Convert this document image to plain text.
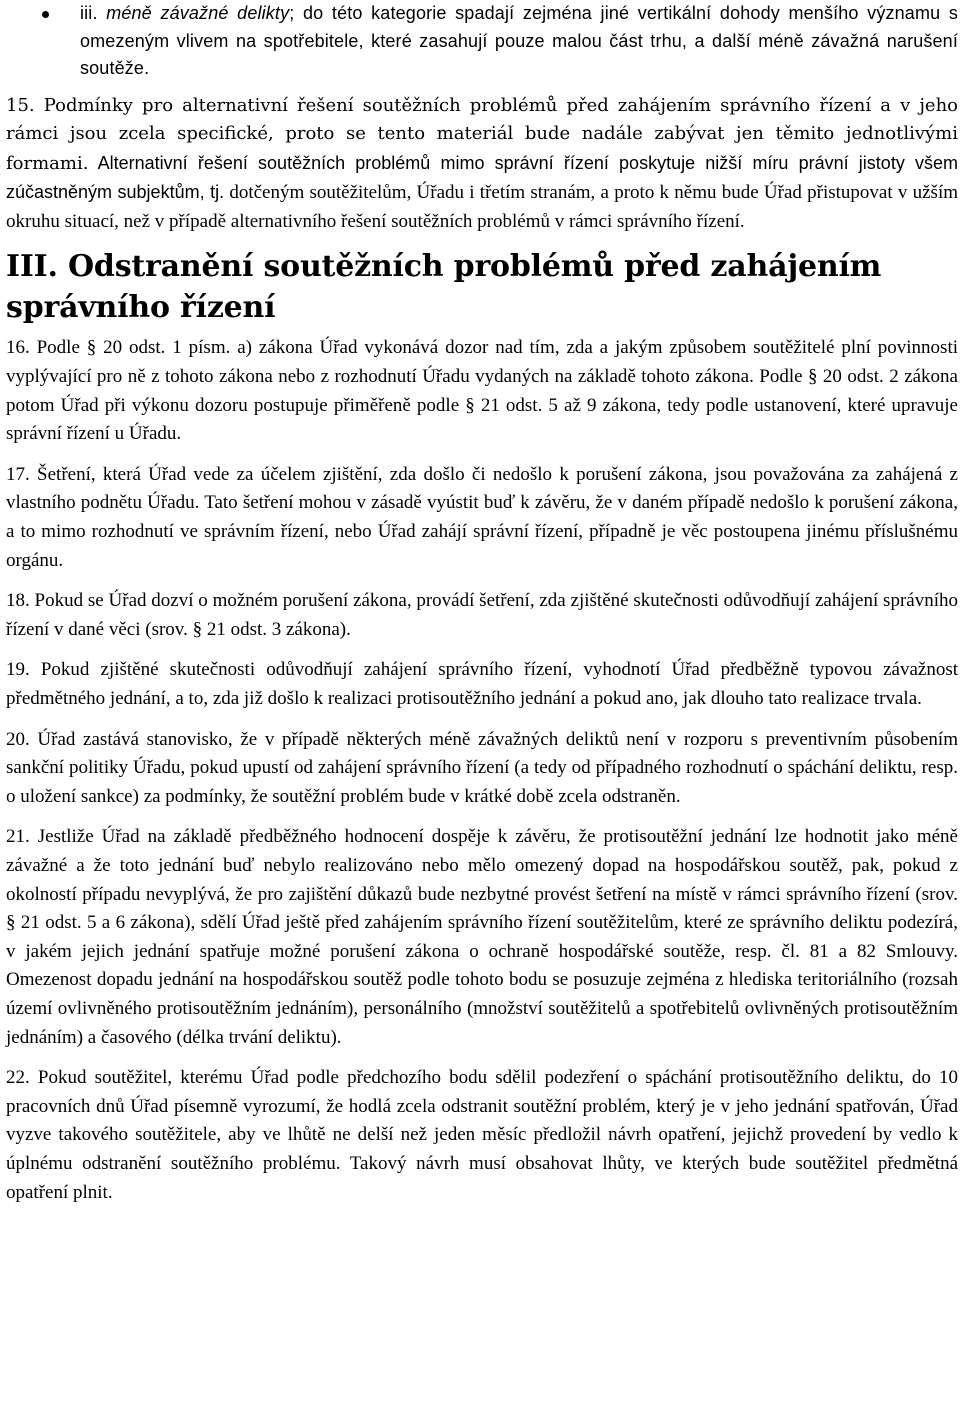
iii. méně závažné delikty; do této kategorie spadají zejména jiné vertikální dohody menšího významu s omezeným vlivem na spotřebitele, které zasahují pouze malou část trhu, a další méně závažná narušení soutěže.

15. Podmínky pro alternativní řešení soutěžních problémů před zahájením správního řízení a v jeho rámci jsou zcela specifické, proto se tento materiál bude nadále zabývat jen těmito jednotlivými formami. Alternativní řešení soutěžních problémů mimo správní řízení poskytuje nižší míru právní jistoty všem zúčastněným subjektům, tj. dotčeným soutěžitelům, Úřadu i třetím stranám, a proto k němu bude Úřad přistupovat v užším okruhu situací, než v případě alternativního řešení soutěžních problémů v rámci správního řízení.

III. Odstranění soutěžních problémů před zahájením správního řízení

16. Podle § 20 odst. 1 písm. a) zákona Úřad vykonává dozor nad tím, zda a jakým způsobem soutěžitelé plní povinnosti vyplývající pro ně z tohoto zákona nebo z rozhodnutí Úřadu vydaných na základě tohoto zákona. Podle § 20 odst. 2 zákona potom Úřad při výkonu dozoru postupuje přiměřeně podle § 21 odst. 5 až 9 zákona, tedy podle ustanovení, které upravuje správní řízení u Úřadu.

17. Šetření, která Úřad vede za účelem zjištění, zda došlo či nedošlo k porušení zákona, jsou považována za zahájená z vlastního podnětu Úřadu. Tato šetření mohou v zásadě vyústit buď k závěru, že v daném případě nedošlo k porušení zákona, a to mimo rozhodnutí ve správním řízení, nebo Úřad zahájí správní řízení, případně je věc postoupena jinému příslušnému orgánu.

18. Pokud se Úřad dozví o možném porušení zákona, provádí šetření, zda zjištěné skutečnosti odůvodňují zahájení správního řízení v dané věci (srov. § 21 odst. 3 zákona).

19. Pokud zjištěné skutečnosti odůvodňují zahájení správního řízení, vyhodnotí Úřad předběžně typovou závažnost předmětného jednání, a to, zda již došlo k realizaci protisoutěžního jednání a pokud ano, jak dlouho tato realizace trvala.

20. Úřad zastává stanovisko, že v případě některých méně závažných deliktů není v rozporu s preventivním působením sankční politiky Úřadu, pokud upustí od zahájení správního řízení (a tedy od případného rozhodnutí o spáchání deliktu, resp. o uložení sankce) za podmínky, že soutěžní problém bude v krátké době zcela odstraněn.

21. Jestliže Úřad na základě předběžného hodnocení dospěje k závěru, že protisoutěžní jednání lze hodnotit jako méně závažné a že toto jednání buď nebylo realizováno nebo mělo omezený dopad na hospodářskou soutěž, pak, pokud z okolností případu nevyplývá, že pro zajištění důkazů bude nezbytné provést šetření na místě v rámci správního řízení (srov. § 21 odst. 5 a 6 zákona), sdělí Úřad ještě před zahájením správního řízení soutěžitelům, které ze správního deliktu podezírá, v jakém jejich jednání spatřuje možné porušení zákona o ochraně hospodářské soutěže, resp. čl. 81 a 82 Smlouvy. Omezenost dopadu jednání na hospodářskou soutěž podle tohoto bodu se posuzuje zejména z hlediska teritoriálního (rozsah území ovlivněného protisoutěžním jednáním), personálního (množství soutěžitelů a spotřebitelů ovlivněných protisoutěžním jednáním) a časového (délka trvání deliktu).

22. Pokud soutěžitel, kterému Úřad podle předchozího bodu sdělil podezření o spáchání protisoutěžního deliktu, do 10 pracovních dnů Úřad písemně vyrozumí, že hodlá zcela odstranit soutěžní problém, který je v jeho jednání spatřován, Úřad vyzve takového soutěžitele, aby ve lhůtě ne delší než jeden měsíc předložil návrh opatření, jejichž provedení by vedlo k úplnému odstranění soutěžního problému. Takový návrh musí obsahovat lhůty, ve kterých bude soutěžitel předmětná opatření plnit.
